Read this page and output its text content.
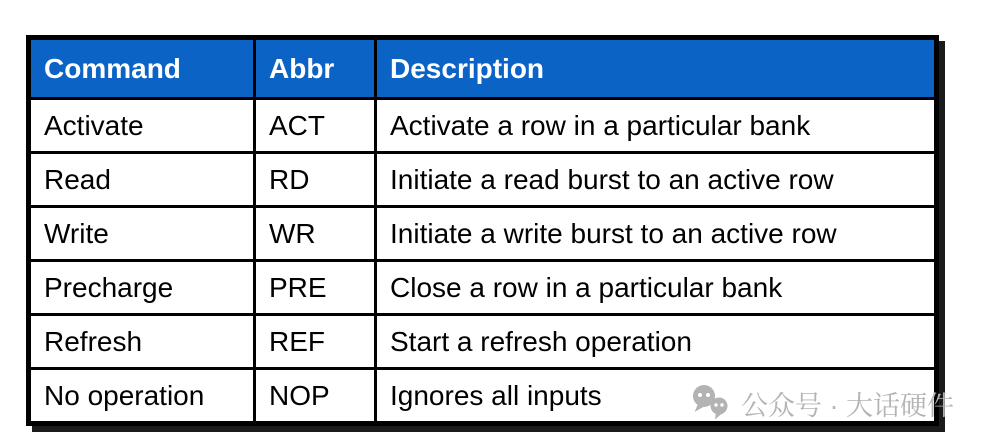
Command	Abbr	Description
Activate	ACT	Activate a row in a particular bank
Read	RD	Initiate a read burst to an active row
Write	WR	Initiate a write burst to an active row
Precharge	PRE	Close a row in a particular bank
Refresh	REF	Start a refresh operation
No operation	NOP	Ignores all inputs	公众号 · 大话硬件
